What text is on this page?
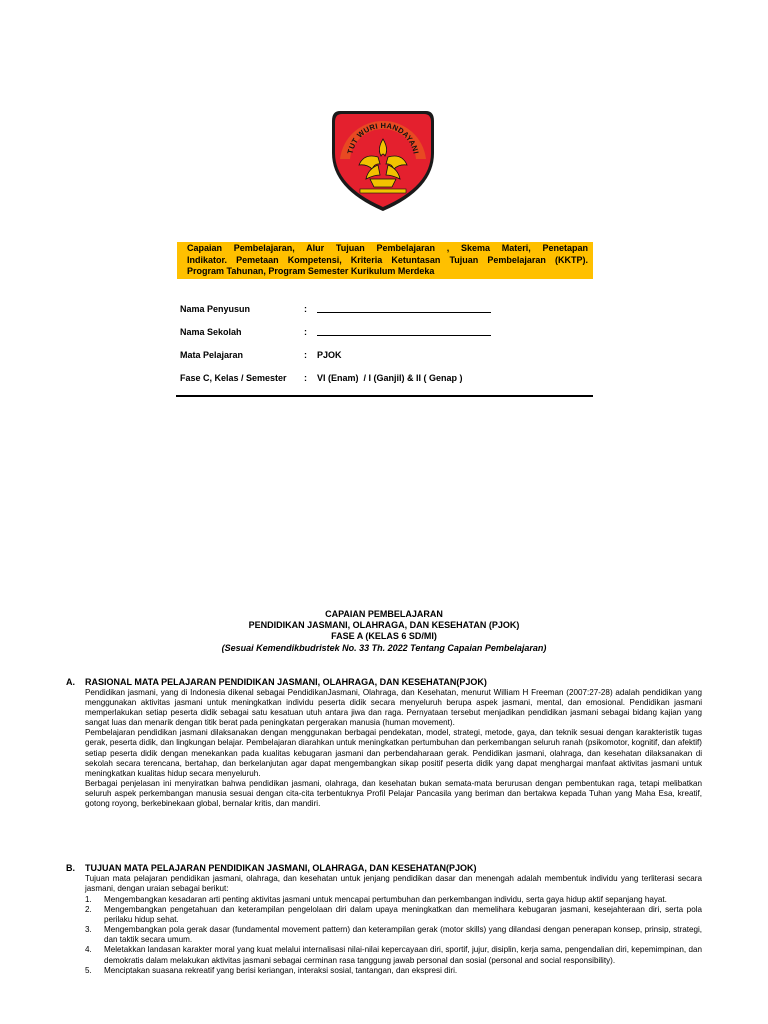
TUT WURI HANDAYANI
Capaian Pembelajaran, Alur Tujuan Pembelajaran , Skema Materi, Penetapan
Indikator. Pemetaan Kompetensi, Kriteria Ketuntasan Tujuan Pembelajaran (KKTP).
Program Tahunan, Program Semester Kurikulum Merdeka
Nama Penyusun	:
Nama Sekolah	:
Mata Pelajaran	: PJOK
Fase C, Kelas / Semester : VI (Enam)  / I (Ganjil) & II ( Genap )
CAPAIAN PEMBELAJARAN
PENDIDIKAN JASMANI, OLAHRAGA, DAN KESEHATAN (PJOK)
FASE A (KELAS 6 SD/MI)
(Sesuai Kemendikbudristek No. 33 Th. 2022 Tentang Capaian Pembelajaran)
A. RASIONAL MATA PELAJARAN PENDIDIKAN JASMANI, OLAHRAGA, DAN KESEHATAN(PJOK)

Pendidikan jasmani, yang di Indonesia dikenal sebagai PendidikanJasmani, Olahraga, dan Kesehatan, menurut William H Freeman (2007:27-28) adalah pendidikan yang menggunakan aktivitas jasmani untuk meningkatkan individu peserta didik secara menyeluruh berupa aspek jasmani, mental, dan emosional. Pendidikan jasmani memperlakukan setiap peserta didik sebagai satu kesatuan utuh antara jiwa dan raga. Pernyataan tersebut menjadikan pendidikan jasmani sebagai bidang kajian yang sangat luas dan menarik dengan titik berat pada peningkatan pergerakan manusia (human movement).

Pembelajaran pendidikan jasmani dilaksanakan dengan menggunakan berbagai pendekatan, model, strategi, metode, gaya, dan teknik sesuai dengan karakteristik tugas gerak, peserta didik, dan lingkungan belajar. Pembelajaran diarahkan untuk meningkatkan pertumbuhan dan perkembangan seluruh ranah (psikomotor, kognitif, dan afektif) setiap peserta didik dengan menekankan pada kualitas kebugaran jasmani dan perbendaharaan gerak. Pendidikan jasmani, olahraga, dan kesehatan dilaksanakan di sekolah secara terencana, bertahap, dan berkelanjutan agar dapat mengembangkan sikap positif peserta didik yang dapat menghargai manfaat aktivitas jasmani untuk meningkatkan kualitas hidup secara menyeluruh.

Berbagai penjelasan ini menyiratkan bahwa pendidikan jasmani, olahraga, dan kesehatan bukan semata-mata berurusan dengan pembentukan raga, tetapi melibatkan seluruh aspek perkembangan manusia sesuai dengan cita-cita terbentuknya Profil Pelajar Pancasila yang beriman dan bertakwa kepada Tuhan yang Maha Esa, kreatif, gotong royong, berkebinekaan global, bernalar kritis, dan mandiri.

B. TUJUAN MATA PELAJARAN PENDIDIKAN JASMANI, OLAHRAGA, DAN KESEHATAN(PJOK)

Tujuan mata pelajaran pendidikan jasmani, olahraga, dan kesehatan untuk jenjang pendidikan dasar dan menengah adalah membentuk individu yang terliterasi secara jasmani, dengan uraian sebagai berikut:

1. Mengembangkan kesadaran arti penting aktivitas jasmani untuk mencapai pertumbuhan dan perkembangan individu, serta gaya hidup aktif sepanjang hayat.
2. Mengembangkan pengetahuan dan keterampilan pengelolaan diri dalam upaya meningkatkan dan memelihara kebugaran jasmani, kesejahteraan diri, serta pola perilaku hidup sehat.
3. Mengembangkan pola gerak dasar (fundamental movement pattern) dan keterampilan gerak (motor skills) yang dilandasi dengan penerapan konsep, prinsip, strategi, dan taktik secara umum.
4. Meletakkan landasan karakter moral yang kuat melalui internalisasi nilai-nilai kepercayaan diri, sportif, jujur, disiplin, kerja sama, pengendalian diri, kepemimpinan, dan demokratis dalam melakukan aktivitas jasmani sebagai cerminan rasa tanggung jawab personal dan sosial (personal and social responsibility).
5. Menciptakan suasana rekreatif yang berisi keriangan, interaksi sosial, tantangan, dan ekspresi diri.
